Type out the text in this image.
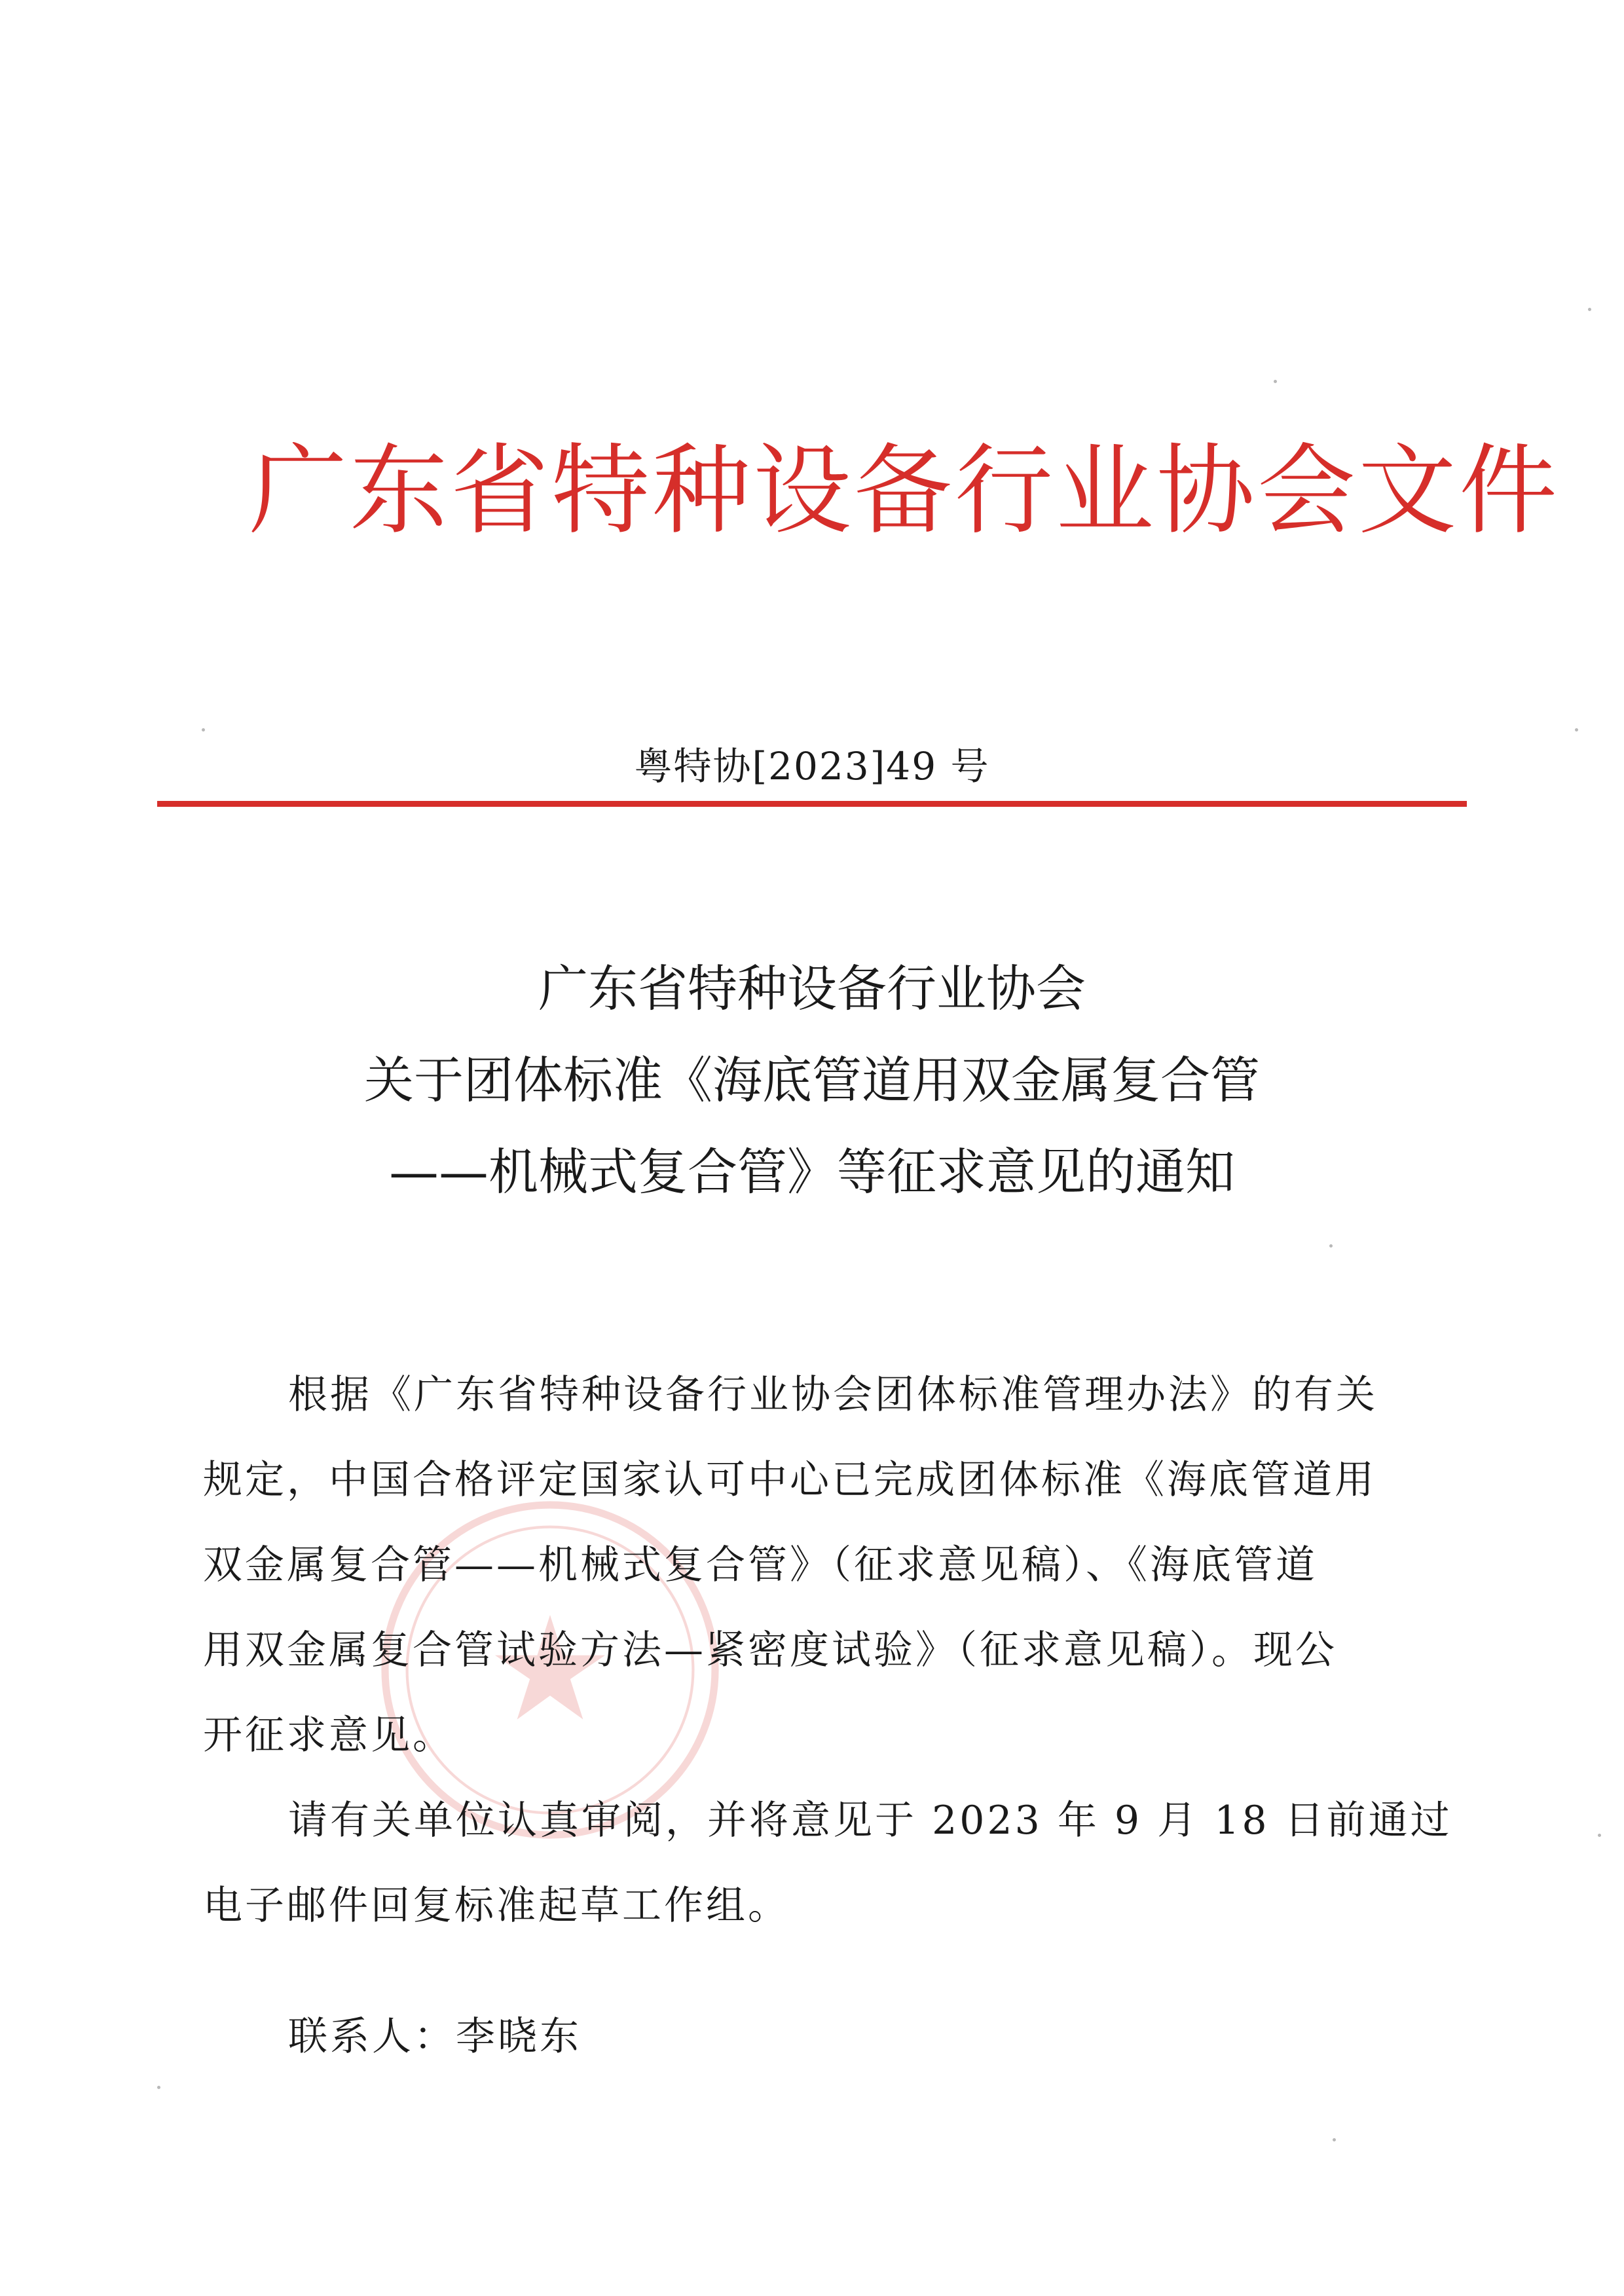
广东省特种设备行业协会文件
粤特协[2023]49 号
广东省特种设备行业协会
关于团体标准《海底管道用双金属复合管
——机械式复合管》等征求意见的通知
根据《广东省特种设备行业协会团体标准管理办法》的有关
规定，中国合格评定国家认可中心已完成团体标准《海底管道用
双金属复合管——机械式复合管》（征求意见稿）、《海底管道
用双金属复合管试验方法—紧密度试验》（征求意见稿）。现公
开征求意见。
请有关单位认真审阅，并将意见于 2023 年 9 月 18 日前通过
电子邮件回复标准起草工作组。
联系人：李晓东
